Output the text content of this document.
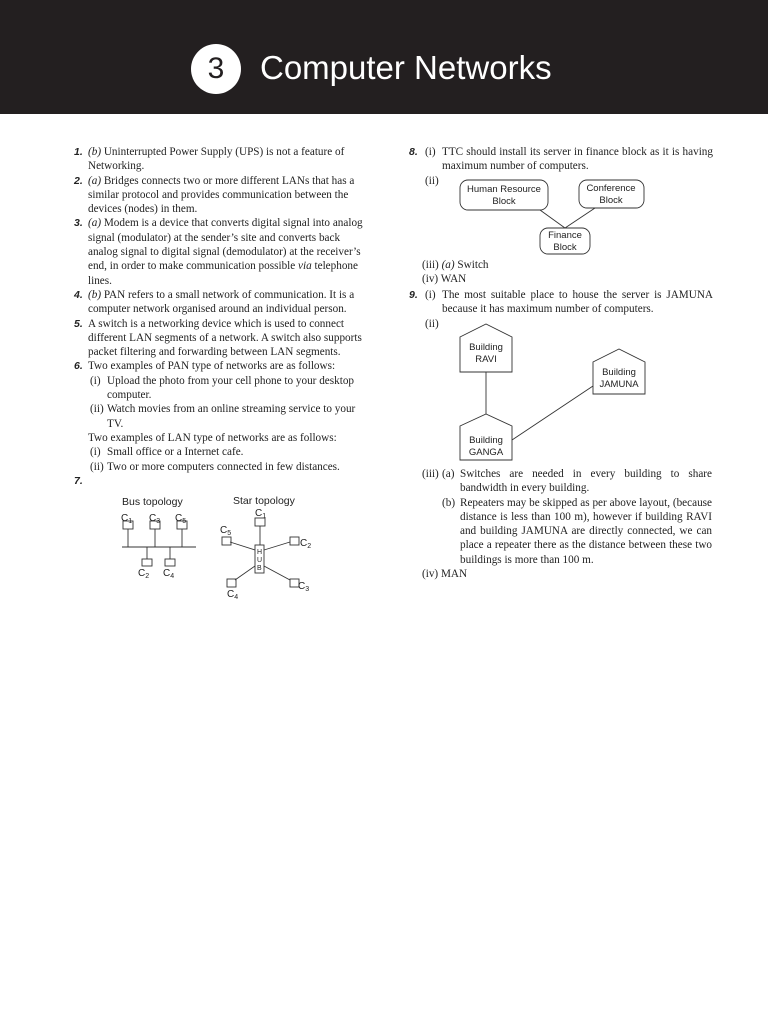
3	Computer Networks

1. (b) Uninterrupted Power Supply (UPS) is not a feature of Networking.

2. (a) Bridges connects two or more different LANs that has a similar protocol and provides communication between the devices (nodes) in them.

3. (a) Modem is a device that converts digital signal into analog signal (modulator) at the sender’s site and converts back analog signal to digital signal (demodulator) at the receiver’s end, in order to make communication possible via telephone lines.

4. (b) PAN refers to a small network of communication. It is a computer network organised around an individual person.

5. A switch is a networking device which is used to connect different LAN segments of a network. A switch also supports packet filtering and forwarding between LAN segments.

6. Two examples of PAN type of networks are as follows:
(i) Upload the photo from your cell phone to your desktop computer.
(ii) Watch movies from an online streaming service to your TV.
Two examples of LAN type of networks are as follows:
(i) Small office or a Internet cafe.
(ii) Two or more computers connected in few distances.

7.

Bus topology	Star topology
$C_1$ $C_3$ $C_5$
$C_2$ $C_4$
$C_1$
$C_2$
$C_5$
$C_4$
$C_3$
H
U
B
8. (i) TTC should install its server in finance block as it is having maximum number of computers.
(ii)
Human Resource
Block
Conference
Block
Finance
Block
(iii) (a) Switch
(iv) WAN
9. (i) The most suitable place to house the server is JAMUNA because it has maximum number of computers.
(ii)
Building
RAVI
Building
JAMUNA
Building
GANGA
(iii) (a) Switches are needed in every building to share bandwidth in every building.
(b) Repeaters may be skipped as per above layout, (because distance is less than 100 m), however if building RAVI and building JAMUNA are directly connected, we can place a repeater there as the distance between these two buildings is more than 100 m.
(iv) MAN
